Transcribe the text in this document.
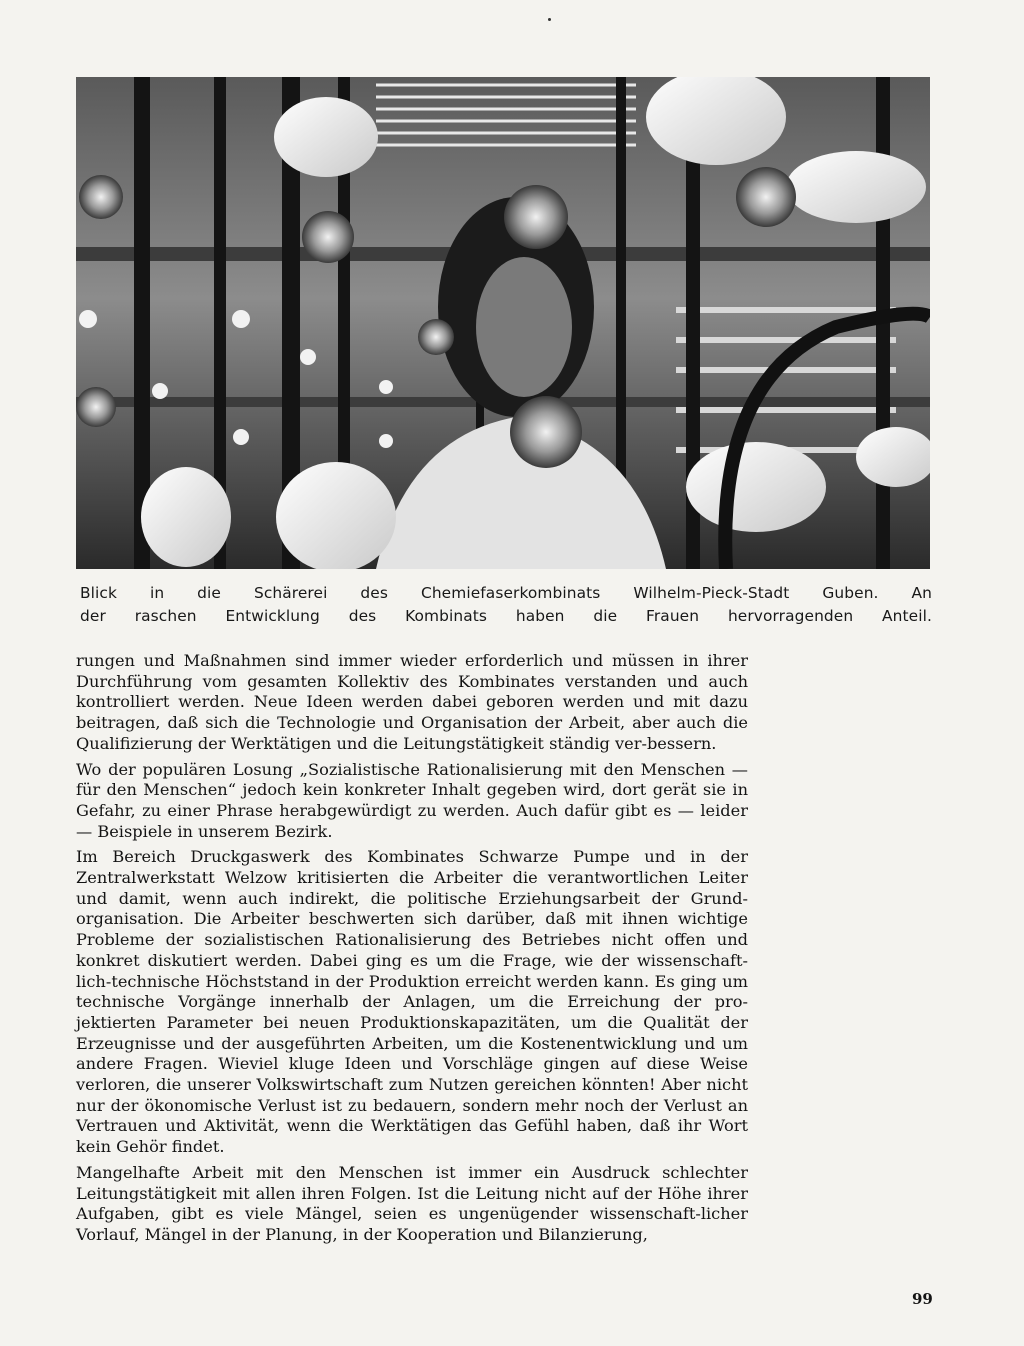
Blick in die Schärerei des Chemiefaserkombinats Wilhelm-Pieck-Stadt Guben. An
der raschen Entwicklung des Kombinats haben die Frauen hervorragenden Anteil.

rungen und Maßnahmen sind immer wieder erforderlich und müssen in ihrer Durchführung vom gesamten Kollektiv des Kombinates verstanden und auch kontrolliert werden. Neue Ideen werden dabei geboren werden und mit dazu beitragen, daß sich die Technologie und Organisation der Arbeit, aber auch die Qualifizierung der Werktätigen und die Leitungstätigkeit ständig ver-bessern.

Wo der populären Losung „Sozialistische Rationalisierung mit den Menschen — für den Menschen“ jedoch kein konkreter Inhalt gegeben wird, dort gerät sie in Gefahr, zu einer Phrase herabgewürdigt zu werden. Auch dafür gibt es — leider — Beispiele in unserem Bezirk.

Im Bereich Druckgaswerk des Kombinates Schwarze Pumpe und in der Zentralwerkstatt Welzow kritisierten die Arbeiter die verantwortlichen Leiter und damit, wenn auch indirekt, die politische Erziehungsarbeit der Grund-organisation. Die Arbeiter beschwerten sich darüber, daß mit ihnen wichtige Probleme der sozialistischen Rationalisierung des Betriebes nicht offen und konkret diskutiert werden. Dabei ging es um die Frage, wie der wissenschaft-lich-technische Höchststand in der Produktion erreicht werden kann. Es ging um technische Vorgänge innerhalb der Anlagen, um die Erreichung der pro-jektierten Parameter bei neuen Produktionskapazitäten, um die Qualität der Erzeugnisse und der ausgeführten Arbeiten, um die Kostenentwicklung und um andere Fragen. Wieviel kluge Ideen und Vorschläge gingen auf diese Weise verloren, die unserer Volkswirtschaft zum Nutzen gereichen könnten! Aber nicht nur der ökonomische Verlust ist zu bedauern, sondern mehr noch der Verlust an Vertrauen und Aktivität, wenn die Werktätigen das Gefühl haben, daß ihr Wort kein Gehör findet.

Mangelhafte Arbeit mit den Menschen ist immer ein Ausdruck schlechter Leitungstätigkeit mit allen ihren Folgen. Ist die Leitung nicht auf der Höhe ihrer Aufgaben, gibt es viele Mängel, seien es ungenügender wissenschaft-licher Vorlauf, Mängel in der Planung, in der Kooperation und Bilanzierung,

99
